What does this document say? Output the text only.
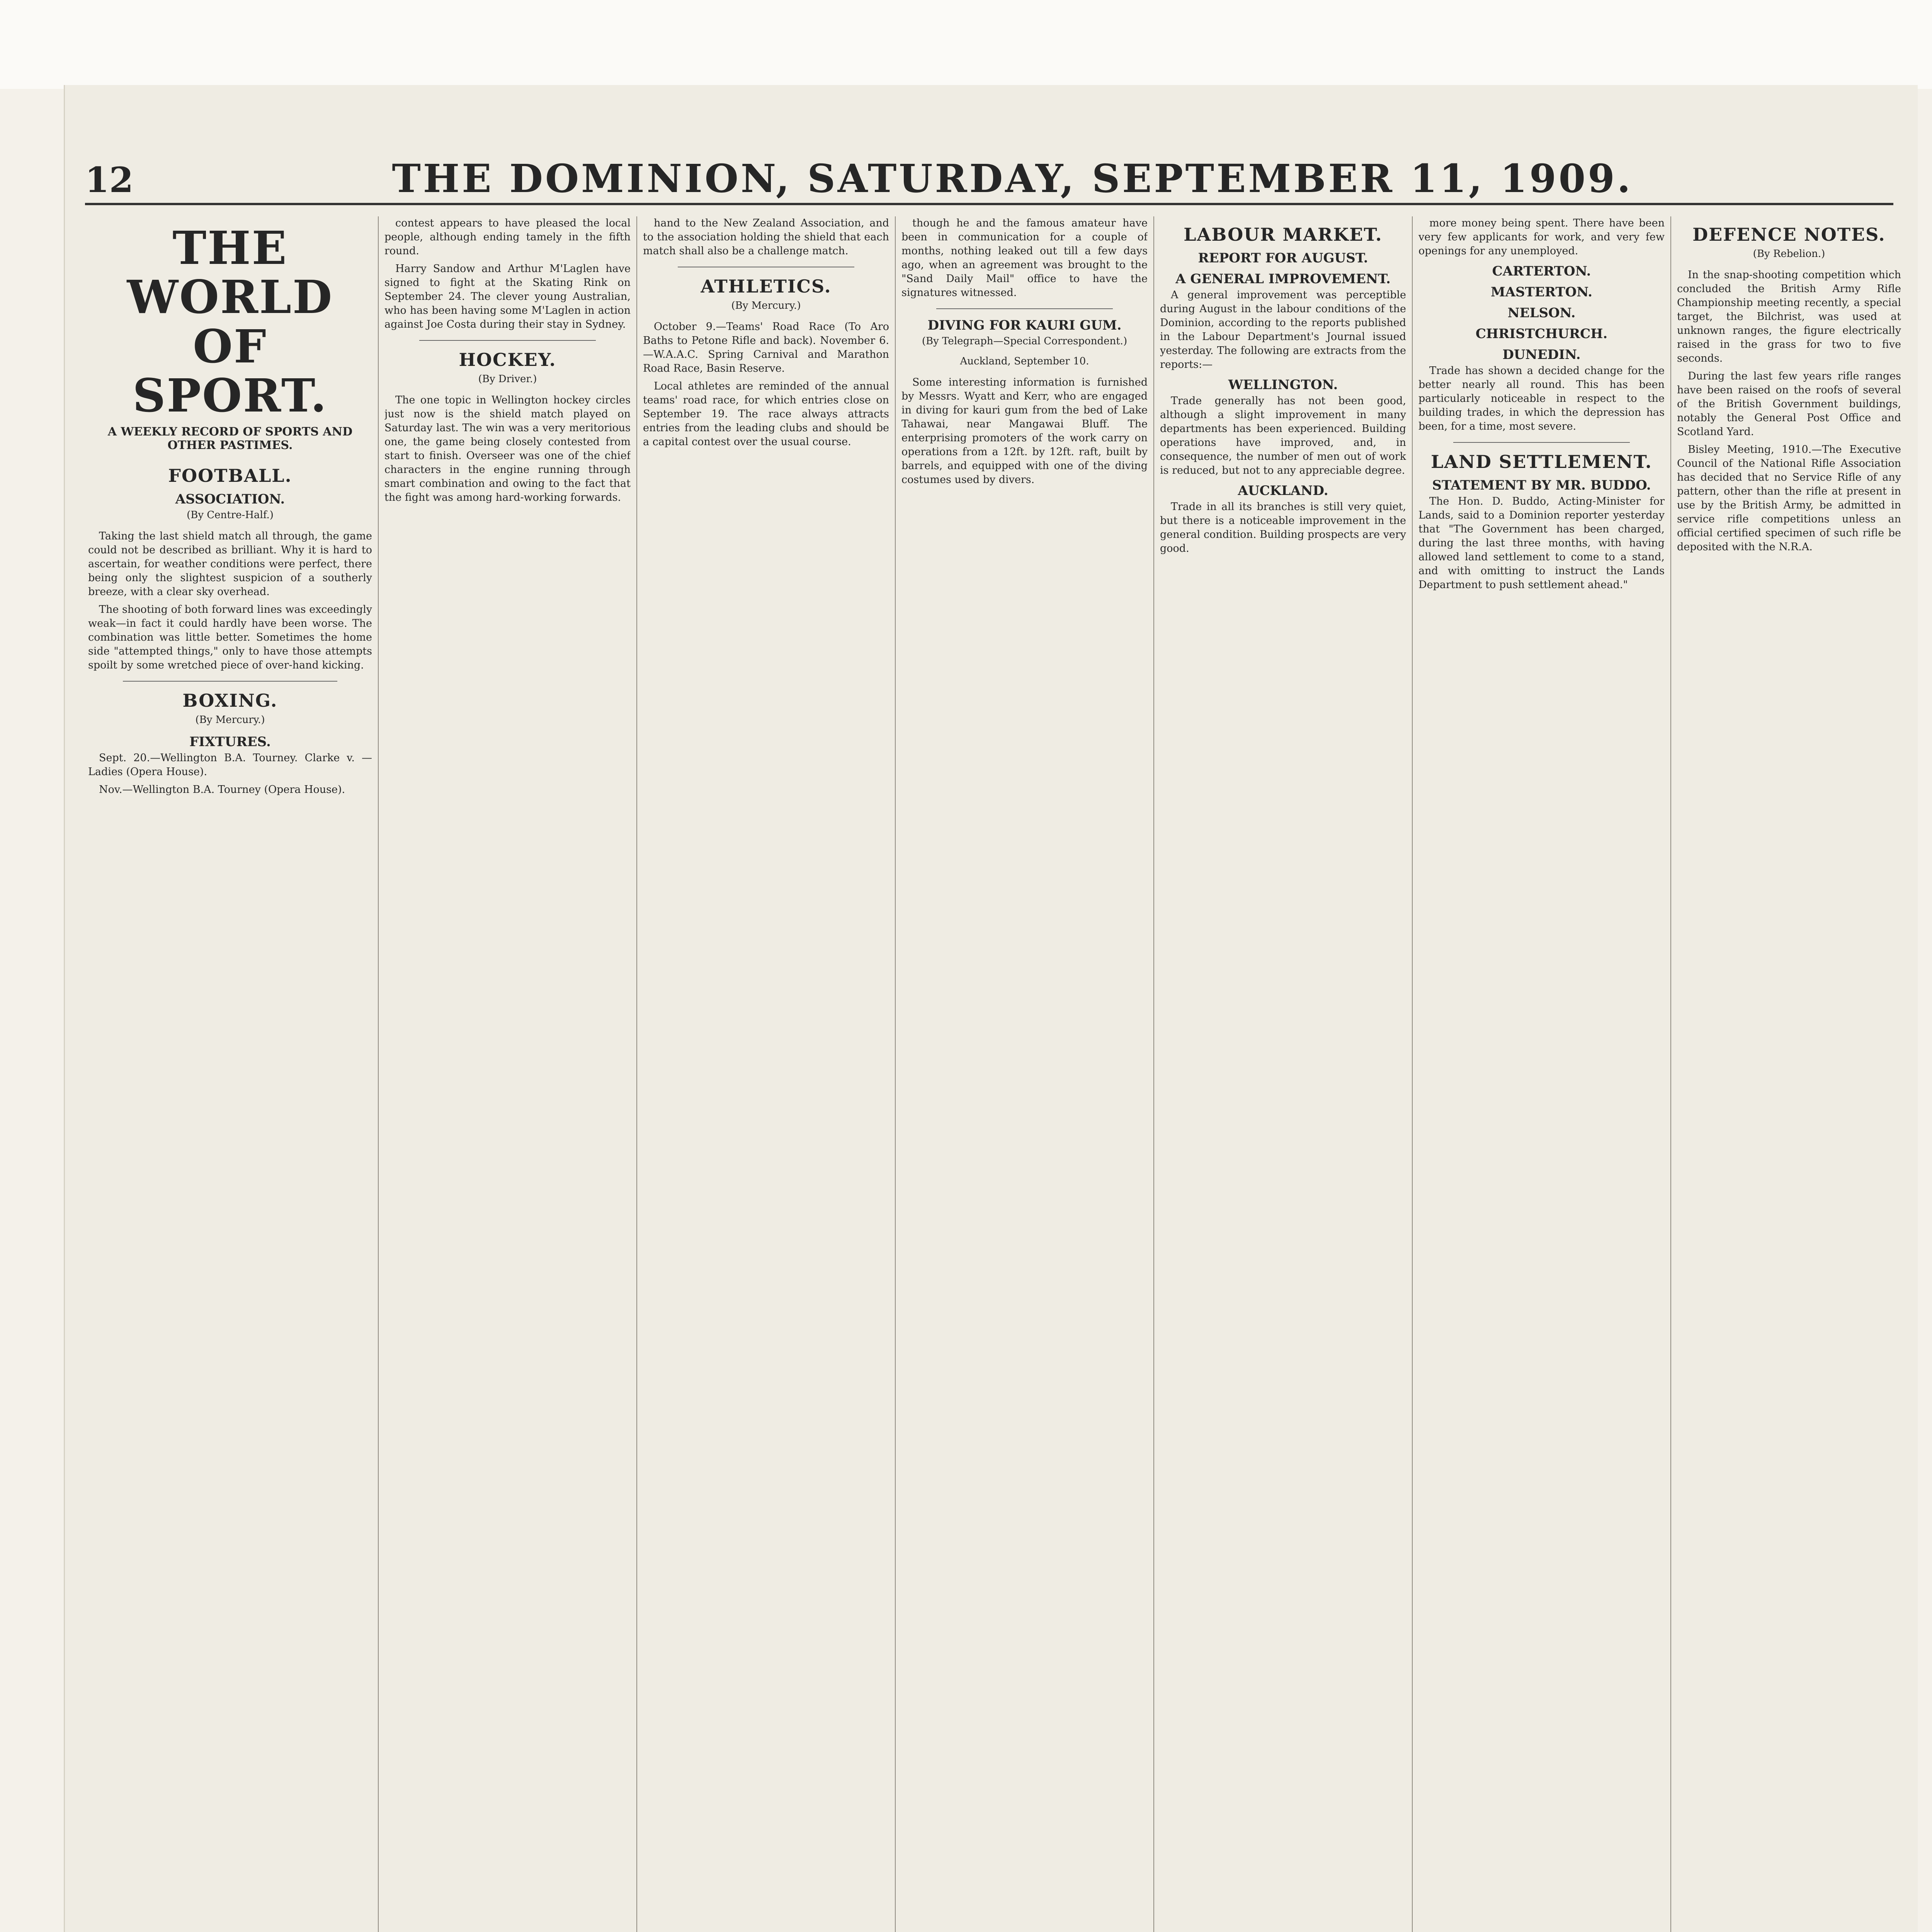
12	THE DOMINION, SATURDAY, SEPTEMBER 11, 1909.
THE WORLD OF SPORT.
A WEEKLY RECORD OF SPORTS AND OTHER PASTIMES.
FOOTBALL.
ASSOCIATION.
(By Centre-Half.)

Taking the last shield match all through, the game could not be described as brilliant. Why it is hard to ascertain, for weather conditions were perfect, there being only the slightest suspicion of a southerly breeze, with a clear sky overhead.

The shooting of both forward lines was exceedingly weak—in fact it could hardly have been worse. The combination was little better. Sometimes the home side "attempted things," only to have those attempts spoilt by some wretched piece of over-hand kicking.

BOXING.
(By Mercury.)
FIXTURES.

Sept. 20.—Wellington B.A. Tourney. Clarke v. — Ladies (Opera House).

Nov.—Wellington B.A. Tourney (Opera House).

contest appears to have pleased the local people, although ending tamely in the fifth round.

Harry Sandow and Arthur M'Laglen have signed to fight at the Skating Rink on September 24. The clever young Australian, who has been having some M'Laglen in action against Joe Costa during their stay in Sydney.

HOCKEY.
(By Driver.)

The one topic in Wellington hockey circles just now is the shield match played on Saturday last. The win was a very meritorious one, the game being closely contested from start to finish. Overseer was one of the chief characters in the engine running through smart combination and owing to the fact that the fight was among hard-working forwards.

hand to the New Zealand Association, and to the association holding the shield that each match shall also be a challenge match.

ATHLETICS.
(By Mercury.)

October 9.—Teams' Road Race (To Aro Baths to Petone Rifle and back). November 6.—W.A.A.C. Spring Carnival and Marathon Road Race, Basin Reserve.

Local athletes are reminded of the annual teams' road race, for which entries close on September 19. The race always attracts entries from the leading clubs and should be a capital contest over the usual course.

though he and the famous amateur have been in communication for a couple of months, nothing leaked out till a few days ago, when an agreement was brought to the "Sand Daily Mail" office to have the signatures witnessed.

DIVING FOR KAURI GUM.
(By Telegraph—Special Correspondent.)
Auckland, September 10.

Some interesting information is furnished by Messrs. Wyatt and Kerr, who are engaged in diving for kauri gum from the bed of Lake Tahawai, near Mangawai Bluff. The enterprising promoters of the work carry on operations from a 12ft. by 12ft. raft, built by barrels, and equipped with one of the diving costumes used by divers.

LABOUR MARKET.
REPORT FOR AUGUST.
A GENERAL IMPROVEMENT.

A general improvement was perceptible during August in the labour conditions of the Dominion, according to the reports published in the Labour Department's Journal issued yesterday. The following are extracts from the reports:—

WELLINGTON.

Trade generally has not been good, although a slight improvement in many departments has been experienced. Building operations have improved, and, in consequence, the number of men out of work is reduced, but not to any appreciable degree.

AUCKLAND.

Trade in all its branches is still very quiet, but there is a noticeable improvement in the general condition. Building prospects are very good.

more money being spent. There have been very few applicants for work, and very few openings for any unemployed.

CARTERTON.
MASTERTON.
NELSON.
CHRISTCHURCH.
DUNEDIN.

Trade has shown a decided change for the better nearly all round. This has been particularly noticeable in respect to the building trades, in which the depression has been, for a time, most severe.

LAND SETTLEMENT.
STATEMENT BY MR. BUDDO.

The Hon. D. Buddo, Acting-Minister for Lands, said to a Dominion reporter yesterday that "The Government has been charged, during the last three months, with having allowed land settlement to come to a stand, and with omitting to instruct the Lands Department to push settlement ahead."

DEFENCE NOTES.
(By Rebelion.)

In the snap-shooting competition which concluded the British Army Rifle Championship meeting recently, a special target, the Bilchrist, was used at unknown ranges, the figure electrically raised in the grass for two to five seconds.

During the last few years rifle ranges have been raised on the roofs of several of the British Government buildings, notably the General Post Office and Scotland Yard.

Bisley Meeting, 1910.—The Executive Council of the National Rifle Association has decided that no Service Rifle of any pattern, other than the rifle at present in use by the British Army, be admitted in service rifle competitions unless an official certified specimen of such rifle be deposited with the N.R.A.
